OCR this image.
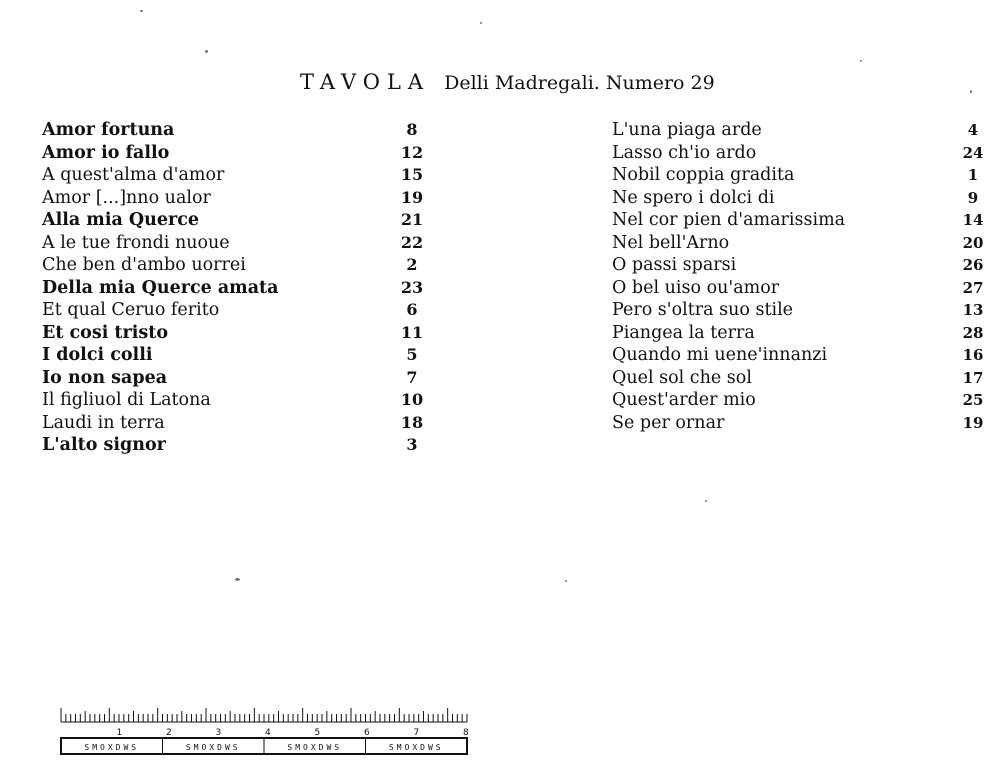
TAVOLA Delli Madregali. Numero 29
Amor fortuna	8
Amor io fallo	12
A quest'alma d'amor	15
Amor [...]nno ualor	19
Alla mia Querce	21
A le tue frondi nuoue	22
Che ben d'ambo uorrei	2
Della mia Querce amata	23
Et qual Ceruo ferito	6
Et cosi tristo	11
I dolci colli	5
Io non sapea	7
Il figliuol di Latona	10
Laudi in terra	18
L'alto signor	3
L'una piaga arde	4
Lasso ch'io ardo	24
Nobil coppia gradita	1
Ne spero i dolci di	9
Nel cor pien d'amarissima	14
Nel bell'Arno	20
O passi sparsi	26
O bel uiso ou'amor	27
Pero s'oltra suo stile	13
Piangea la terra	28
Quando mi uene'innanzi	16
Quel sol che sol	17
Quest'arder mio	25
Se per ornar	19
1	2	3	4	5	6	7	8
SMOXDWS	SMOXDWS	SMOXDWS	SMOXDWS
